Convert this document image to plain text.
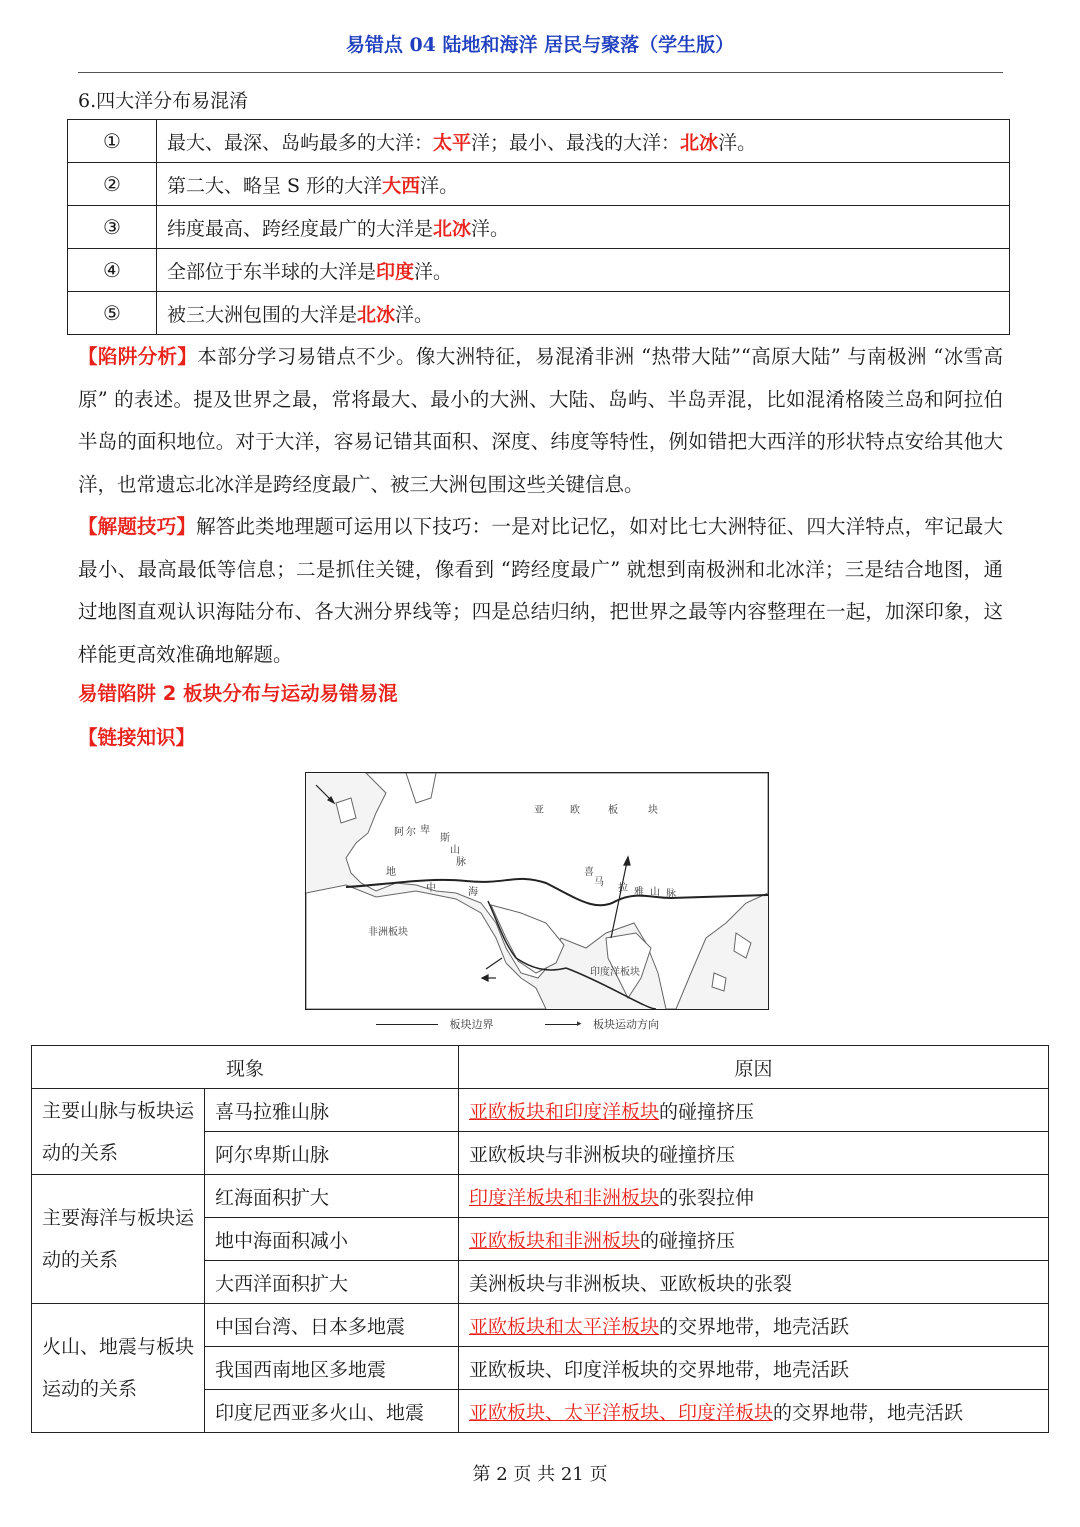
易错点 04 陆地和海洋 居民与聚落（学生版）
6.四大洋分布易混淆
①	最大、最深、岛屿最多的大洋：太平洋；最小、最浅的大洋：北冰洋。
②	第二大、略呈 S 形的大洋大西洋。
③	纬度最高、跨经度最广的大洋是北冰洋。
④	全部位于东半球的大洋是印度洋。
⑤	被三大洲包围的大洋是北冰洋。
【陷阱分析】本部分学习易错点不少。像大洲特征，易混淆非洲 “热带大陆”“高原大陆” 与南极洲 “冰雪高原” 的表述。提及世界之最，常将最大、最小的大洲、大陆、岛屿、半岛弄混，比如混淆格陵兰岛和阿拉伯半岛的面积地位。对于大洋，容易记错其面积、深度、纬度等特性，例如错把大西洋的形状特点安给其他大洋，也常遗忘北冰洋是跨经度最广、被三大洲包围这些关键信息。
【解题技巧】解答此类地理题可运用以下技巧：一是对比记忆，如对比七大洲特征、四大洋特点，牢记最大最小、最高最低等信息；二是抓住关键，像看到 “跨经度最广” 就想到南极洲和北冰洋；三是结合地图，通过地图直观认识海陆分布、各大洲分界线等；四是总结归纳，把世界之最等内容整理在一起，加深印象，这样能更高效准确地解题。
易错陷阱 2 板块分布与运动易错易混
【链接知识】
亚	欧	板	块
阿 尔 卑
斯
山
脉
地
中	海
喜
马
拉 雅 山 脉
非洲板块
印度洋板块
板块边界	▸ 板块运动方向
现象		原因
主要山脉与板块运动的关系	喜马拉雅山脉	亚欧板块和印度洋板块的碰撞挤压
	阿尔卑斯山脉	亚欧板块与非洲板块的碰撞挤压
主要海洋与板块运动的关系	红海面积扩大	印度洋板块和非洲板块的张裂拉伸
	地中海面积减小	亚欧板块和非洲板块的碰撞挤压
	大西洋面积扩大	美洲板块与非洲板块、亚欧板块的张裂
火山、地震与板块运动的关系	中国台湾、日本多地震	亚欧板块和太平洋板块的交界地带，地壳活跃
	我国西南地区多地震	亚欧板块、印度洋板块的交界地带，地壳活跃
	印度尼西亚多火山、地震	亚欧板块、太平洋板块、印度洋板块的交界地带，地壳活跃
第 2 页 共 21 页
